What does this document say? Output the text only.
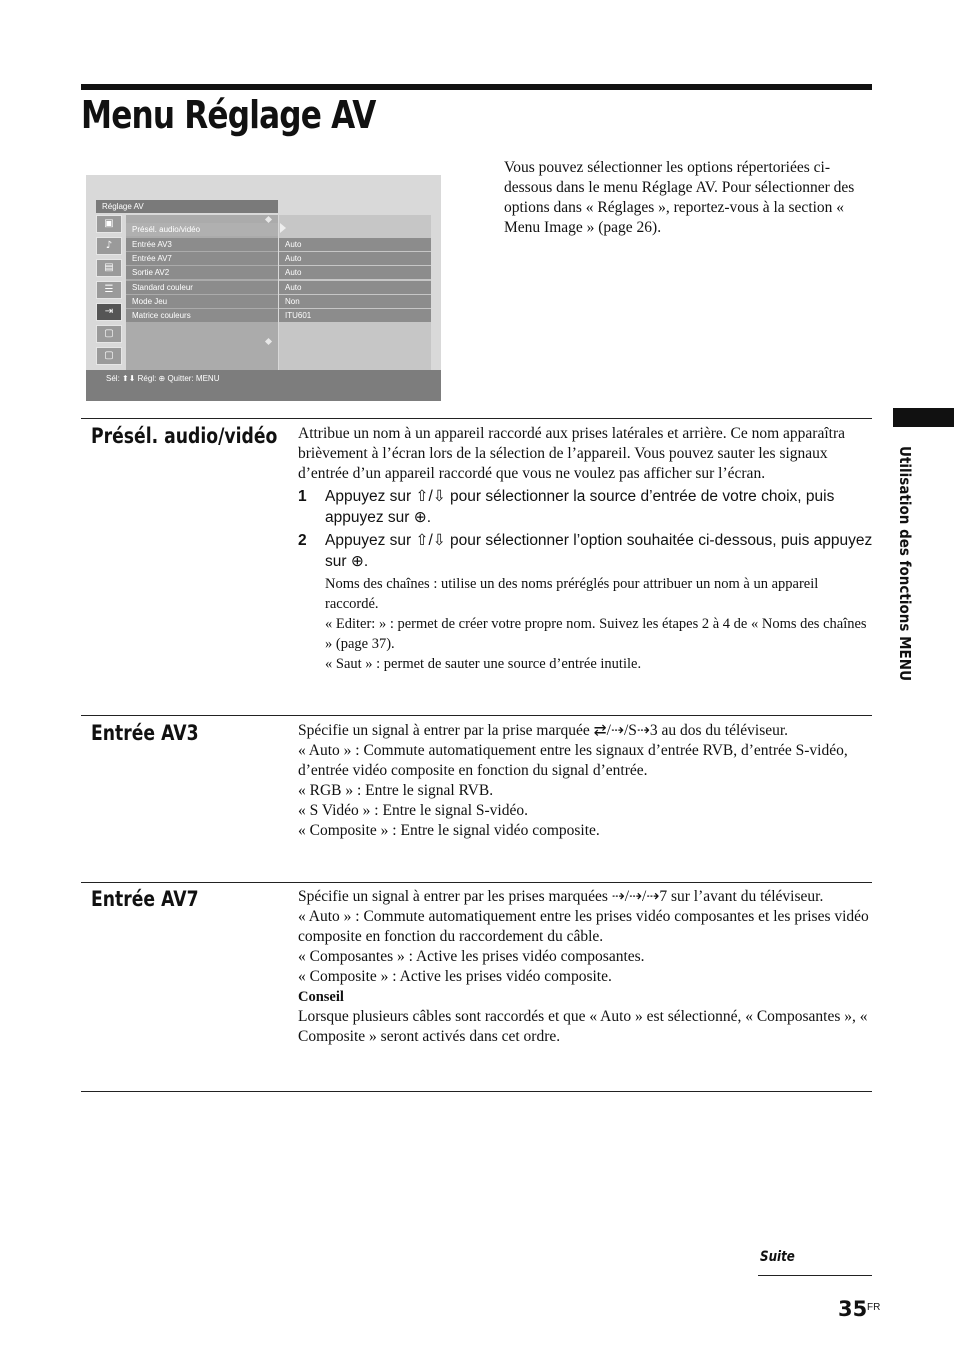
Menu Réglage AV
Vous pouvez sélectionner les options répertoriées ci-dessous dans le menu Réglage AV. Pour sélectionner des options dans « Réglages », reportez-vous à la section « Menu Image » (page 26).
Réglage AV
▣
♪
▤
☰
⇥
▢
▢
Présél. audio/vidéo
Entrée AV3	Auto
Entrée AV7	Auto
Sortie AV2	Auto
Standard couleur	Auto
Mode Jeu	Non
Matrice couleurs	ITU601
Sél: ⬆⬇ Régl: ⊕ Quitter: MENU
Présél. audio/vidéo Attribue un nom à un appareil raccordé aux prises latérales et arrière. Ce nom apparaîtra brièvement à l’écran lors de la sélection de l’appareil. Vous pouvez sauter les signaux d’entrée d’un appareil raccordé que vous ne voulez pas afficher sur l’écran.

1 Appuyez sur ⇧/⇩ pour sélectionner la source d’entrée de votre choix, puis appuyez sur ⊕.
2 Appuyez sur ⇧/⇩ pour sélectionner l’option souhaitée ci-dessous, puis appuyez sur ⊕.
Noms des chaînes : utilise un des noms préréglés pour attribuer un nom à un appareil raccordé.
« Editer: » : permet de créer votre propre nom. Suivez les étapes 2 à 4 de « Noms des chaînes » (page 37).
« Saut » : permet de sauter une source d’entrée inutile.
Entrée AV3	Spécifie un signal à entrer par la prise marquée ⇄/⇢/S⇢3 au dos du téléviseur.

« Auto » : Commute automatiquement entre les signaux d’entrée RVB, d’entrée S-vidéo, d’entrée vidéo composite en fonction du signal d’entrée.

« RGB » : Entre le signal RVB.

« S Vidéo » : Entre le signal S-vidéo.

« Composite » : Entre le signal vidéo composite.

Entrée AV7	Spécifie un signal à entrer par les prises marquées ⇢/⇢/⇢7 sur l’avant du téléviseur.

« Auto » : Commute automatiquement entre les prises vidéo composantes et les prises vidéo composite en fonction du raccordement du câble.

« Composantes » : Active les prises vidéo composantes.

« Composite » : Active les prises vidéo composite.

Conseil

Lorsque plusieurs câbles sont raccordés et que « Auto » est sélectionné, « Composantes », « Composite » seront activés dans cet ordre.

Utilisation des fonctions MENU
Suite
35 FR
